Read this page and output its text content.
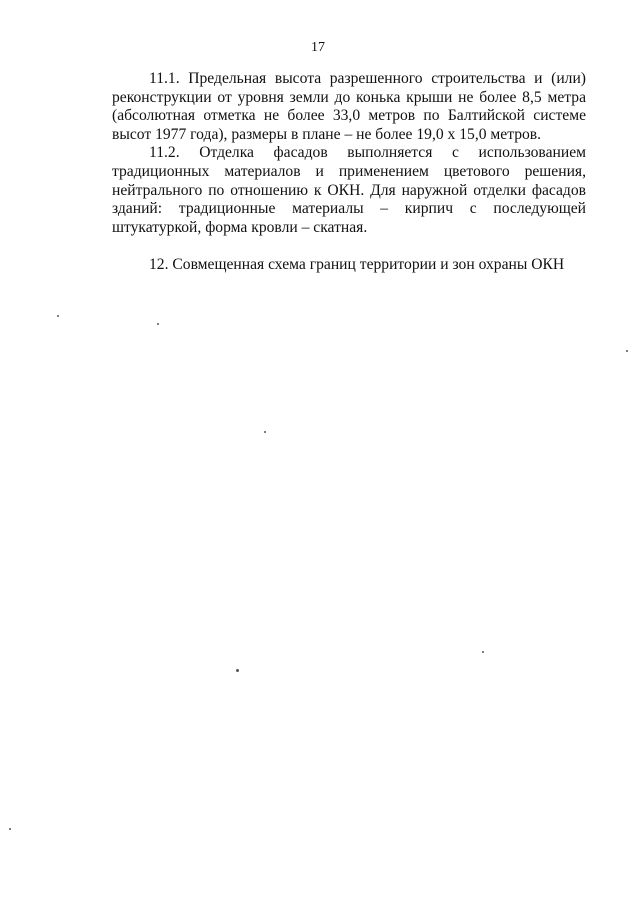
17

11.1. Предельная высота разрешенного строительства и (или) реконструкции от уровня земли до конька крыши не более 8,5 метра (абсолютная отметка не более 33,0 метров по Балтийской системе высот 1977 года), размеры в плане – не более 19,0 х 15,0 метров.

11.2. Отделка фасадов выполняется с использованием традиционных материалов и применением цветового решения, нейтрального по отношению к ОКН. Для наружной отделки фасадов зданий: традиционные материалы – кирпич с последующей штукатуркой, форма кровли – скатная.

12. Совмещенная схема границ территории и зон охраны ОКН
